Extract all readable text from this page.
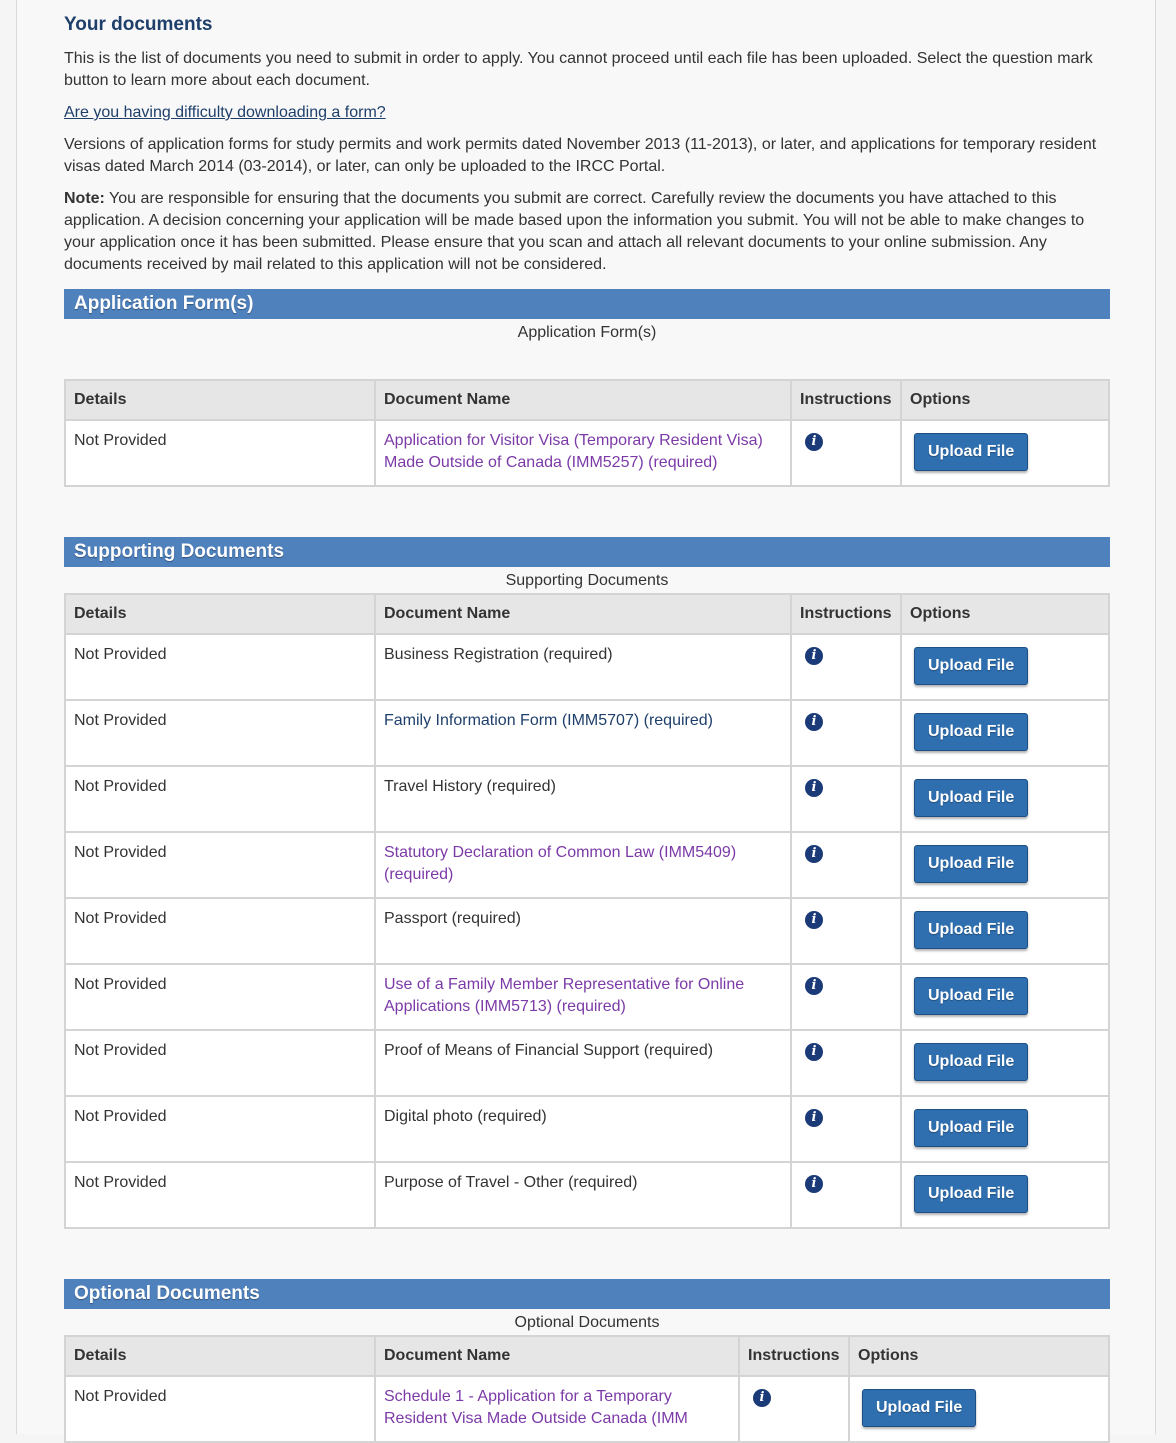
Your documents

This is the list of documents you need to submit in order to apply. You cannot proceed until each file has been uploaded. Select the question mark button to learn more about each document.

Are you having difficulty downloading a form?

Versions of application forms for study permits and work permits dated November 2013 (11-2013), or later, and applications for temporary resident visas dated March 2014 (03-2014), or later, can only be uploaded to the IRCC Portal.

Note: You are responsible for ensuring that the documents you submit are correct. Carefully review the documents you have attached to this application. A decision concerning your application will be made based upon the information you submit. You will not be able to make changes to your application once it has been submitted. Please ensure that you scan and attach all relevant documents to your online submission. Any documents received by mail related to this application will not be considered.

Application Form(s)
Application Form(s)
Details	Document Name	Instructions	Options
Not Provided	Application for Visitor Visa (Temporary Resident Visa) Made Outside of Canada (IMM5257) (required)	i	Upload File
Supporting Documents
Supporting Documents
Details	Document Name	Instructions	Options
Not Provided	Business Registration (required)	i	Upload File
Not Provided	Family Information Form (IMM5707) (required)	i	Upload File
Not Provided	Travel History (required)	i	Upload File
Not Provided	Statutory Declaration of Common Law (IMM5409) (required)	i	Upload File
Not Provided	Passport (required)	i	Upload File
Not Provided	Use of a Family Member Representative for Online Applications (IMM5713) (required)	i	Upload File
Not Provided	Proof of Means of Financial Support (required)	i	Upload File
Not Provided	Digital photo (required)	i	Upload File
Not Provided	Purpose of Travel - Other (required)	i	Upload File
Optional Documents
Optional Documents
Details	Document Name	Instructions	Options
Not Provided	Schedule 1 - Application for a Temporary Resident Visa Made Outside Canada (IMM	i	Upload File
